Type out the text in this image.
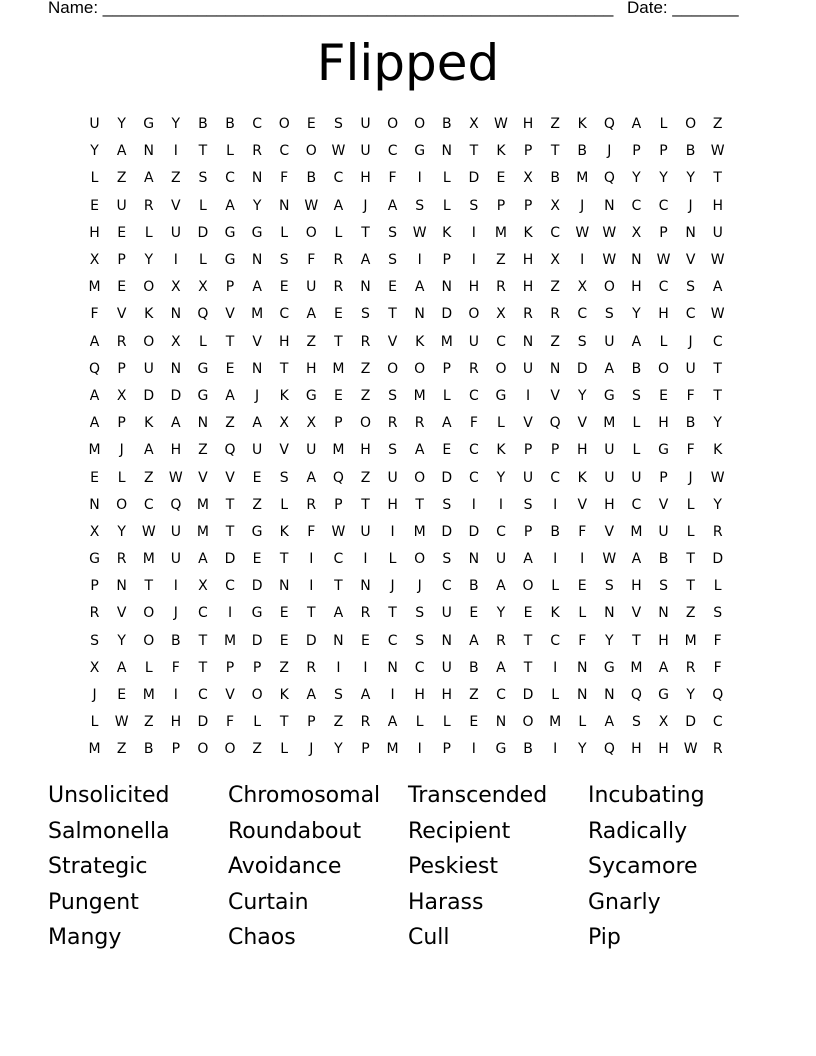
Name: ______________________________________________________ Date: _______
Flipped
U	Y	G	Y	B	B	C	O	E	S	U	O	O	B	X	W	H	Z	K	Q	A	L	O	Z
Y	A	N	I	T	L	R	C	O	W	U	C	G	N	T	K	P	T	B	J	P	P	B	W
L	Z	A	Z	S	C	N	F	B	C	H	F	I	L	D	E	X	B	M	Q	Y	Y	Y	T
E	U	R	V	L	A	Y	N	W	A	J	A	S	L	S	P	P	X	J	N	C	C	J	H
H	E	L	U	D	G	G	L	O	L	T	S	W	K	I	M	K	C	W W	X	P	N	U
X	P	Y	I	L	G	N	S	F	R	A	S	I	P	I	Z	H	X	I	W	N	W	V	W
M	E	O	X	X	P	A	E	U	R	N	E	A	N	H	R	H	Z	X	O	H	C	S	A
F	V	K	N	Q	V	M	C	A	E	S	T	N	D	O	X	R	R	C	S	Y	H	C	W
A	R	O	X	L	T	V	H	Z	T	R	V	K	M	U	C	N	Z	S	U	A	L	J	C
Q	P	U	N	G	E	N	T	H	M	Z	O	O	P	R	O	U	N	D	A	B	O	U	T
A	X	D	D	G	A	J	K	G	E	Z	S	M	L	C	G	I	V	Y	G	S	E	F	T
A	P	K	A	N	Z	A	X	X	P	O	R	R	A	F	L	V	Q	V	M	L	H	B	Y
M	J	A	H	Z	Q	U	V	U	M	H	S	A	E	C	K	P	P	H	U	L	G	F	K
E	L	Z	W	V	V	E	S	A	Q	Z	U	O	D	C	Y	U	C	K	U	U	P	J	W
N	O	C	Q	M	T	Z	L	R	P	T	H	T	S	I	I	S	I	V	H	C	V	L	Y
X	Y	W	U	M	T	G	K	F	W	U	I	M	D	D	C	P	B	F	V	M	U	L	R
G	R	M	U	A	D	E	T	I	C	I	L	O	S	N	U	A	I	I	W	A	B	T	D
P	N	T	I	X	C	D	N	I	T	N	J	J	C	B	A	O	L	E	S	H	S	T	L
R	V	O	J	C	I	G	E	T	A	R	T	S	U	E	Y	E	K	L	N	V	N	Z	S
S	Y	O	B	T	M	D	E	D	N	E	C	S	N	A	R	T	C	F	Y	T	H	M	F
X	A	L	F	T	P	P	Z	R	I	I	N	C	U	B	A	T	I	N	G	M	A	R	F
J	E	M	I	C	V	O	K	A	S	A	I	H	H	Z	C	D	L	N	N	Q	G	Y	Q
L	W	Z	H	D	F	L	T	P	Z	R	A	L	L	E	N	O	M	L	A	S	X	D	C
M	Z	B	P	O	O	Z	L	J	Y	P	M	I	P	I	G	B	I	Y	Q	H	H	W	R
Unsolicited	Chromosomal	Transcended	Incubating
Salmonella	Roundabout	Recipient	Radically
Strategic	Avoidance	Peskiest	Sycamore
Pungent	Curtain	Harass	Gnarly
Mangy	Chaos	Cull	Pip
